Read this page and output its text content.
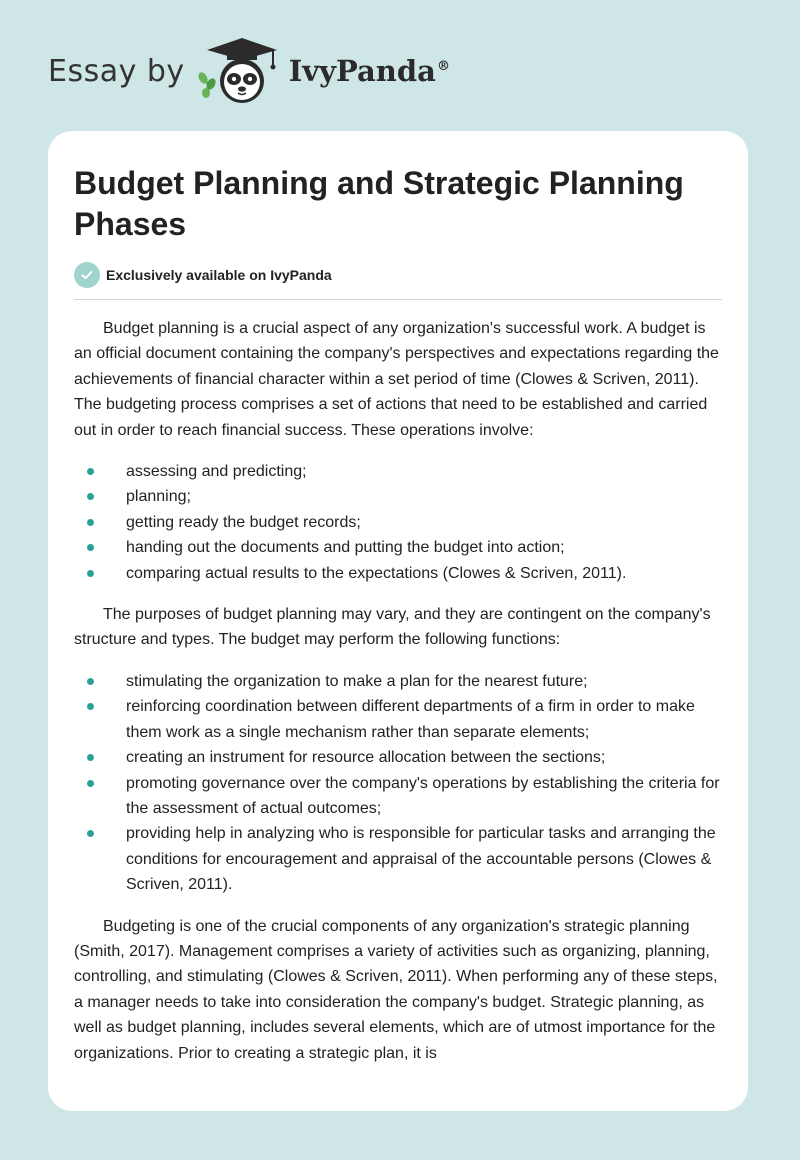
Essay by	IvyPanda®
Budget Planning and Strategic Planning Phases
Exclusively available on IvyPanda

Budget planning is a crucial aspect of any organization's successful work. A budget is an official document containing the company's perspectives and expectations regarding the achievements of financial character within a set period of time (Clowes & Scriven, 2011). The budgeting process comprises a set of actions that need to be established and carried out in order to reach financial success. These operations involve:

assessing and predicting;
planning;
getting ready the budget records;
handing out the documents and putting the budget into action;
comparing actual results to the expectations (Clowes & Scriven, 2011).

The purposes of budget planning may vary, and they are contingent on the company's structure and types. The budget may perform the following functions:

stimulating the organization to make a plan for the nearest future;
reinforcing coordination between different departments of a firm in order to make them work as a single mechanism rather than separate elements;
creating an instrument for resource allocation between the sections;
promoting governance over the company's operations by establishing the criteria for the assessment of actual outcomes;
providing help in analyzing who is responsible for particular tasks and arranging the conditions for encouragement and appraisal of the accountable persons (Clowes & Scriven, 2011).

Budgeting is one of the crucial components of any organization's strategic planning (Smith, 2017). Management comprises a variety of activities such as organizing, planning, controlling, and stimulating (Clowes & Scriven, 2011). When performing any of these steps, a manager needs to take into consideration the company's budget. Strategic planning, as well as budget planning, includes several elements, which are of utmost importance for the organizations. Prior to creating a strategic plan, it is
